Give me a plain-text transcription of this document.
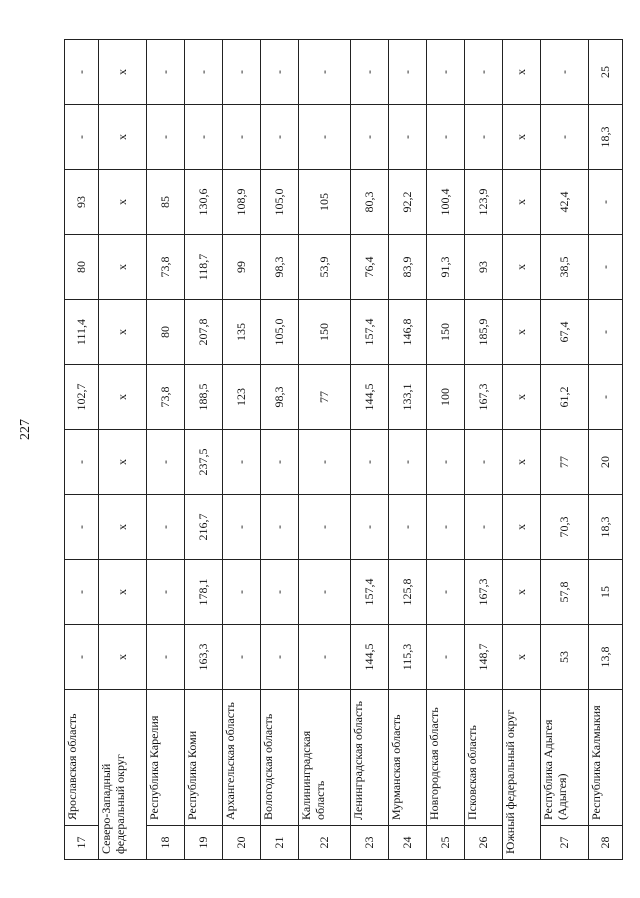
227
17	Ярославская область	-	-	-	-	102,7	111,4	80	93	-	-
Северо-Западный федеральный округ		x	x	x	x	x	x	x	x	x	x
18	Республика Карелия	-	-	-	-	73,8	80	73,8	85	-	-
19	Республика Коми	163,3	178,1	216,7	237,5	188,5	207,8	118,7	130,6	-	-
20	Архангельская область	-	-	-	-	123	135	99	108,9	-	-
21	Вологодская область	-	-	-	-	98,3	105,0	98,3	105,0	-	-
22	Калининградская область	-	-	-	-	77	150	53,9	105	-	-
23	Ленинградская область	144,5	157,4	-	-	144,5	157,4	76,4	80,3	-	-
24	Мурманская область	115,3	125,8	-	-	133,1	146,8	83,9	92,2	-	-
25	Новгородская область	-	-	-	-	100	150	91,3	100,4	-	-
26	Псковская область	148,7	167,3	-	-	167,3	185,9	93	123,9	-	-
Южный федеральный округ		x	x	x	x	x	x	x	x	x	x
27	Республика Адыгея (Адыгея)	53	57,8	70,3	77	61,2	67,4	38,5	42,4	-	-
28	Республика Калмыкия	13,8	15	18,3	20	-	-	-	-	18,3	25
